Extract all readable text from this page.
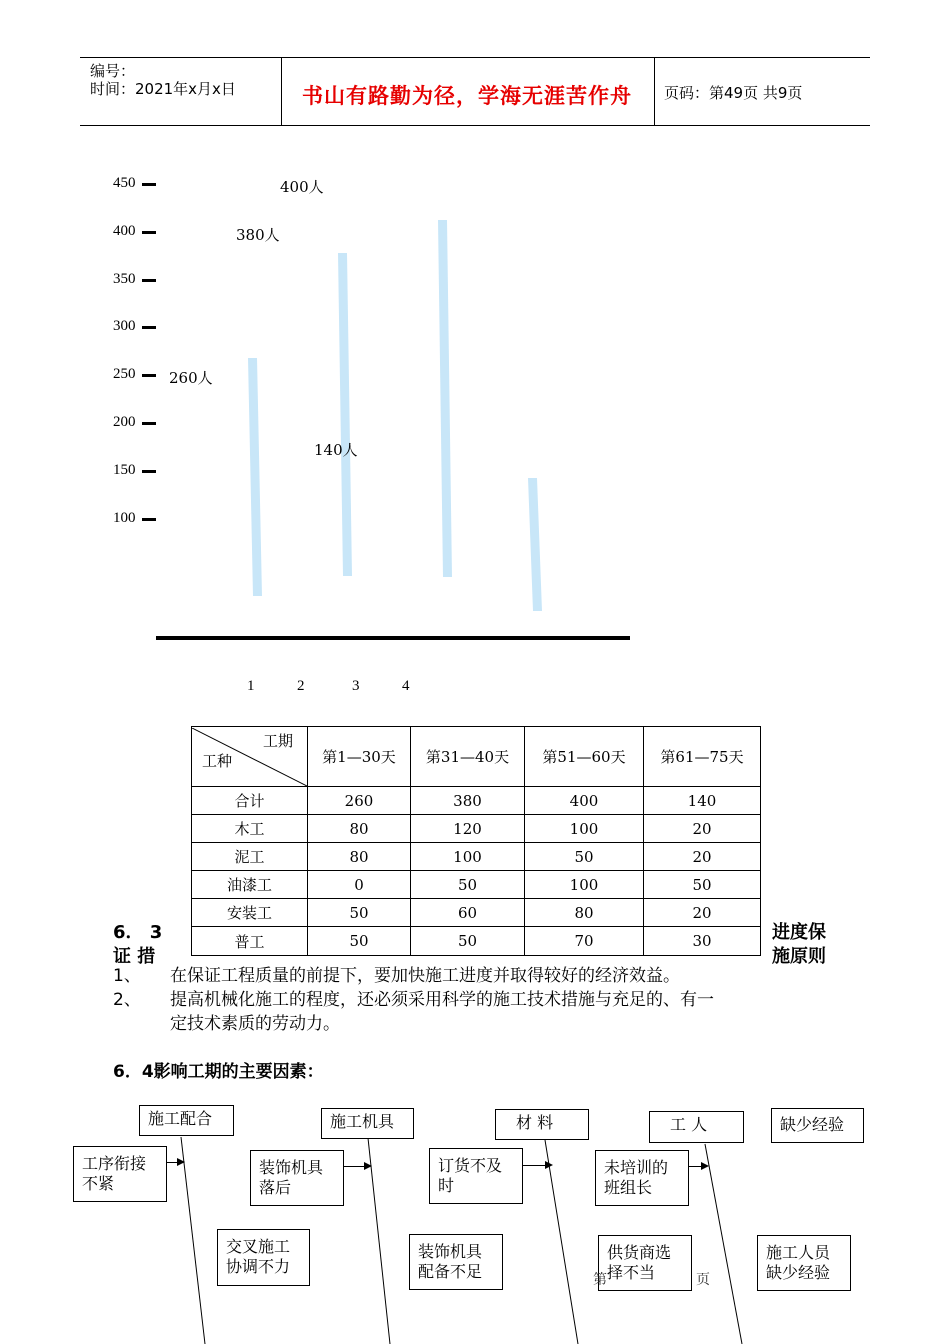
编号：
时间：2021年x月x日	书山有路勤为径，学海无涯苦作舟 页码：第49页 共9页
450
400
350
300
250
200
150
100
260人
380人
400人
140人
1	2	3	4
工期
工种	第1—30天	第31—40天	第51—60天	第61—75天
合计	260	380	400	140
木工	80	120	100	20
泥工	80	100	50	20
油漆工	0	50	100	50
安装工	50	60	80	20
普工	50	50	70	30
6． 3
证 措
进度保
施原则
1、 在保证工程质量的前提下，要加快施工进度并取得较好的经济效益。
2、 提高机械化施工的程度，还必须采用科学的施工技术措施与充足的、有一
定技术素质的劳动力。
6．4影响工期的主要因素：
施工配合	施工机具	材 料	工 人	缺少经验
工序衔接不紧
装饰机具落后
订货不及时
未培训的班组长
交叉施工协调不力
装饰机具配备不足
供货商选择不当
施工人员缺少经验
第	页
